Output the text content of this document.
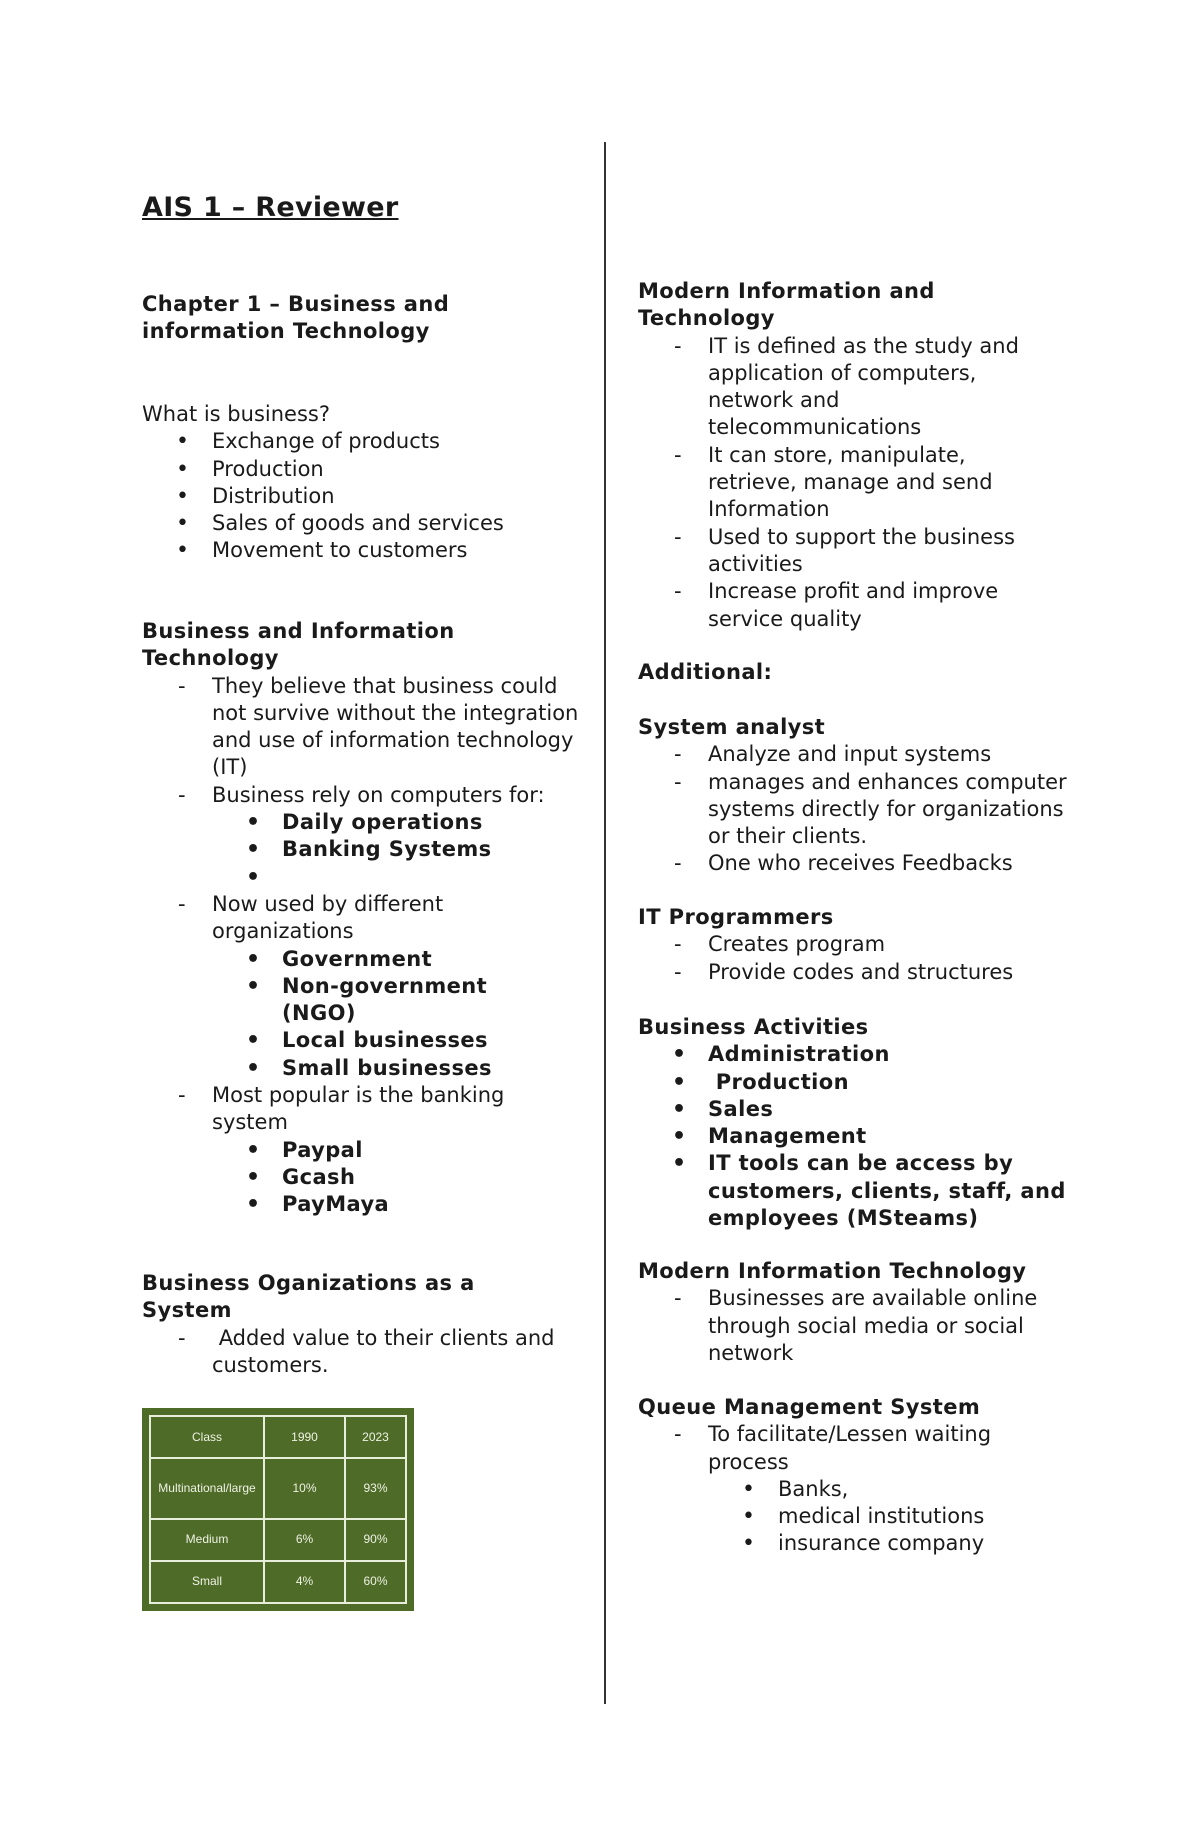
AIS 1 – Reviewer
Chapter 1 – Business and information Technology

What is business?

• Exchange of products
• Production
• Distribution
• Sales of goods and services
• Movement to customers
Business and Information Technology
- They believe that business could not survive without the integration and use of information technology (IT)
- Business rely on computers for:
• Daily operations
• Banking Systems
•
- Now used by different organizations
• Government
• Non-government (NGO)
• Local businesses
• Small businesses
- Most popular is the banking system
• Paypal
• Gcash
• PayMaya
Business Oganizations as a System
-  Added value to their clients and customers.
Class	1990	2023
Multinational/large	10%	93%
Medium	6%	90%
Small	4%	60%
Modern Information and Technology
- IT is defined as the study and application of computers, network and telecommunications
- It can store, manipulate, retrieve, manage and send Information
- Used to support the business activities
- Increase profit and improve service quality
Additional:
System analyst
- Analyze and input systems
- manages and enhances computer systems directly for organizations or their clients.
- One who receives Feedbacks
IT Programmers
- Creates program
- Provide codes and structures
Business Activities
• Administration
•  Production
• Sales
• Management
• IT tools can be access by customers, clients, staff, and employees (MSteams)
Modern Information Technology
- Businesses are available online through social media or social network
Queue Management System
- To facilitate/Lessen waiting process
• Banks,
• medical institutions
• insurance company
